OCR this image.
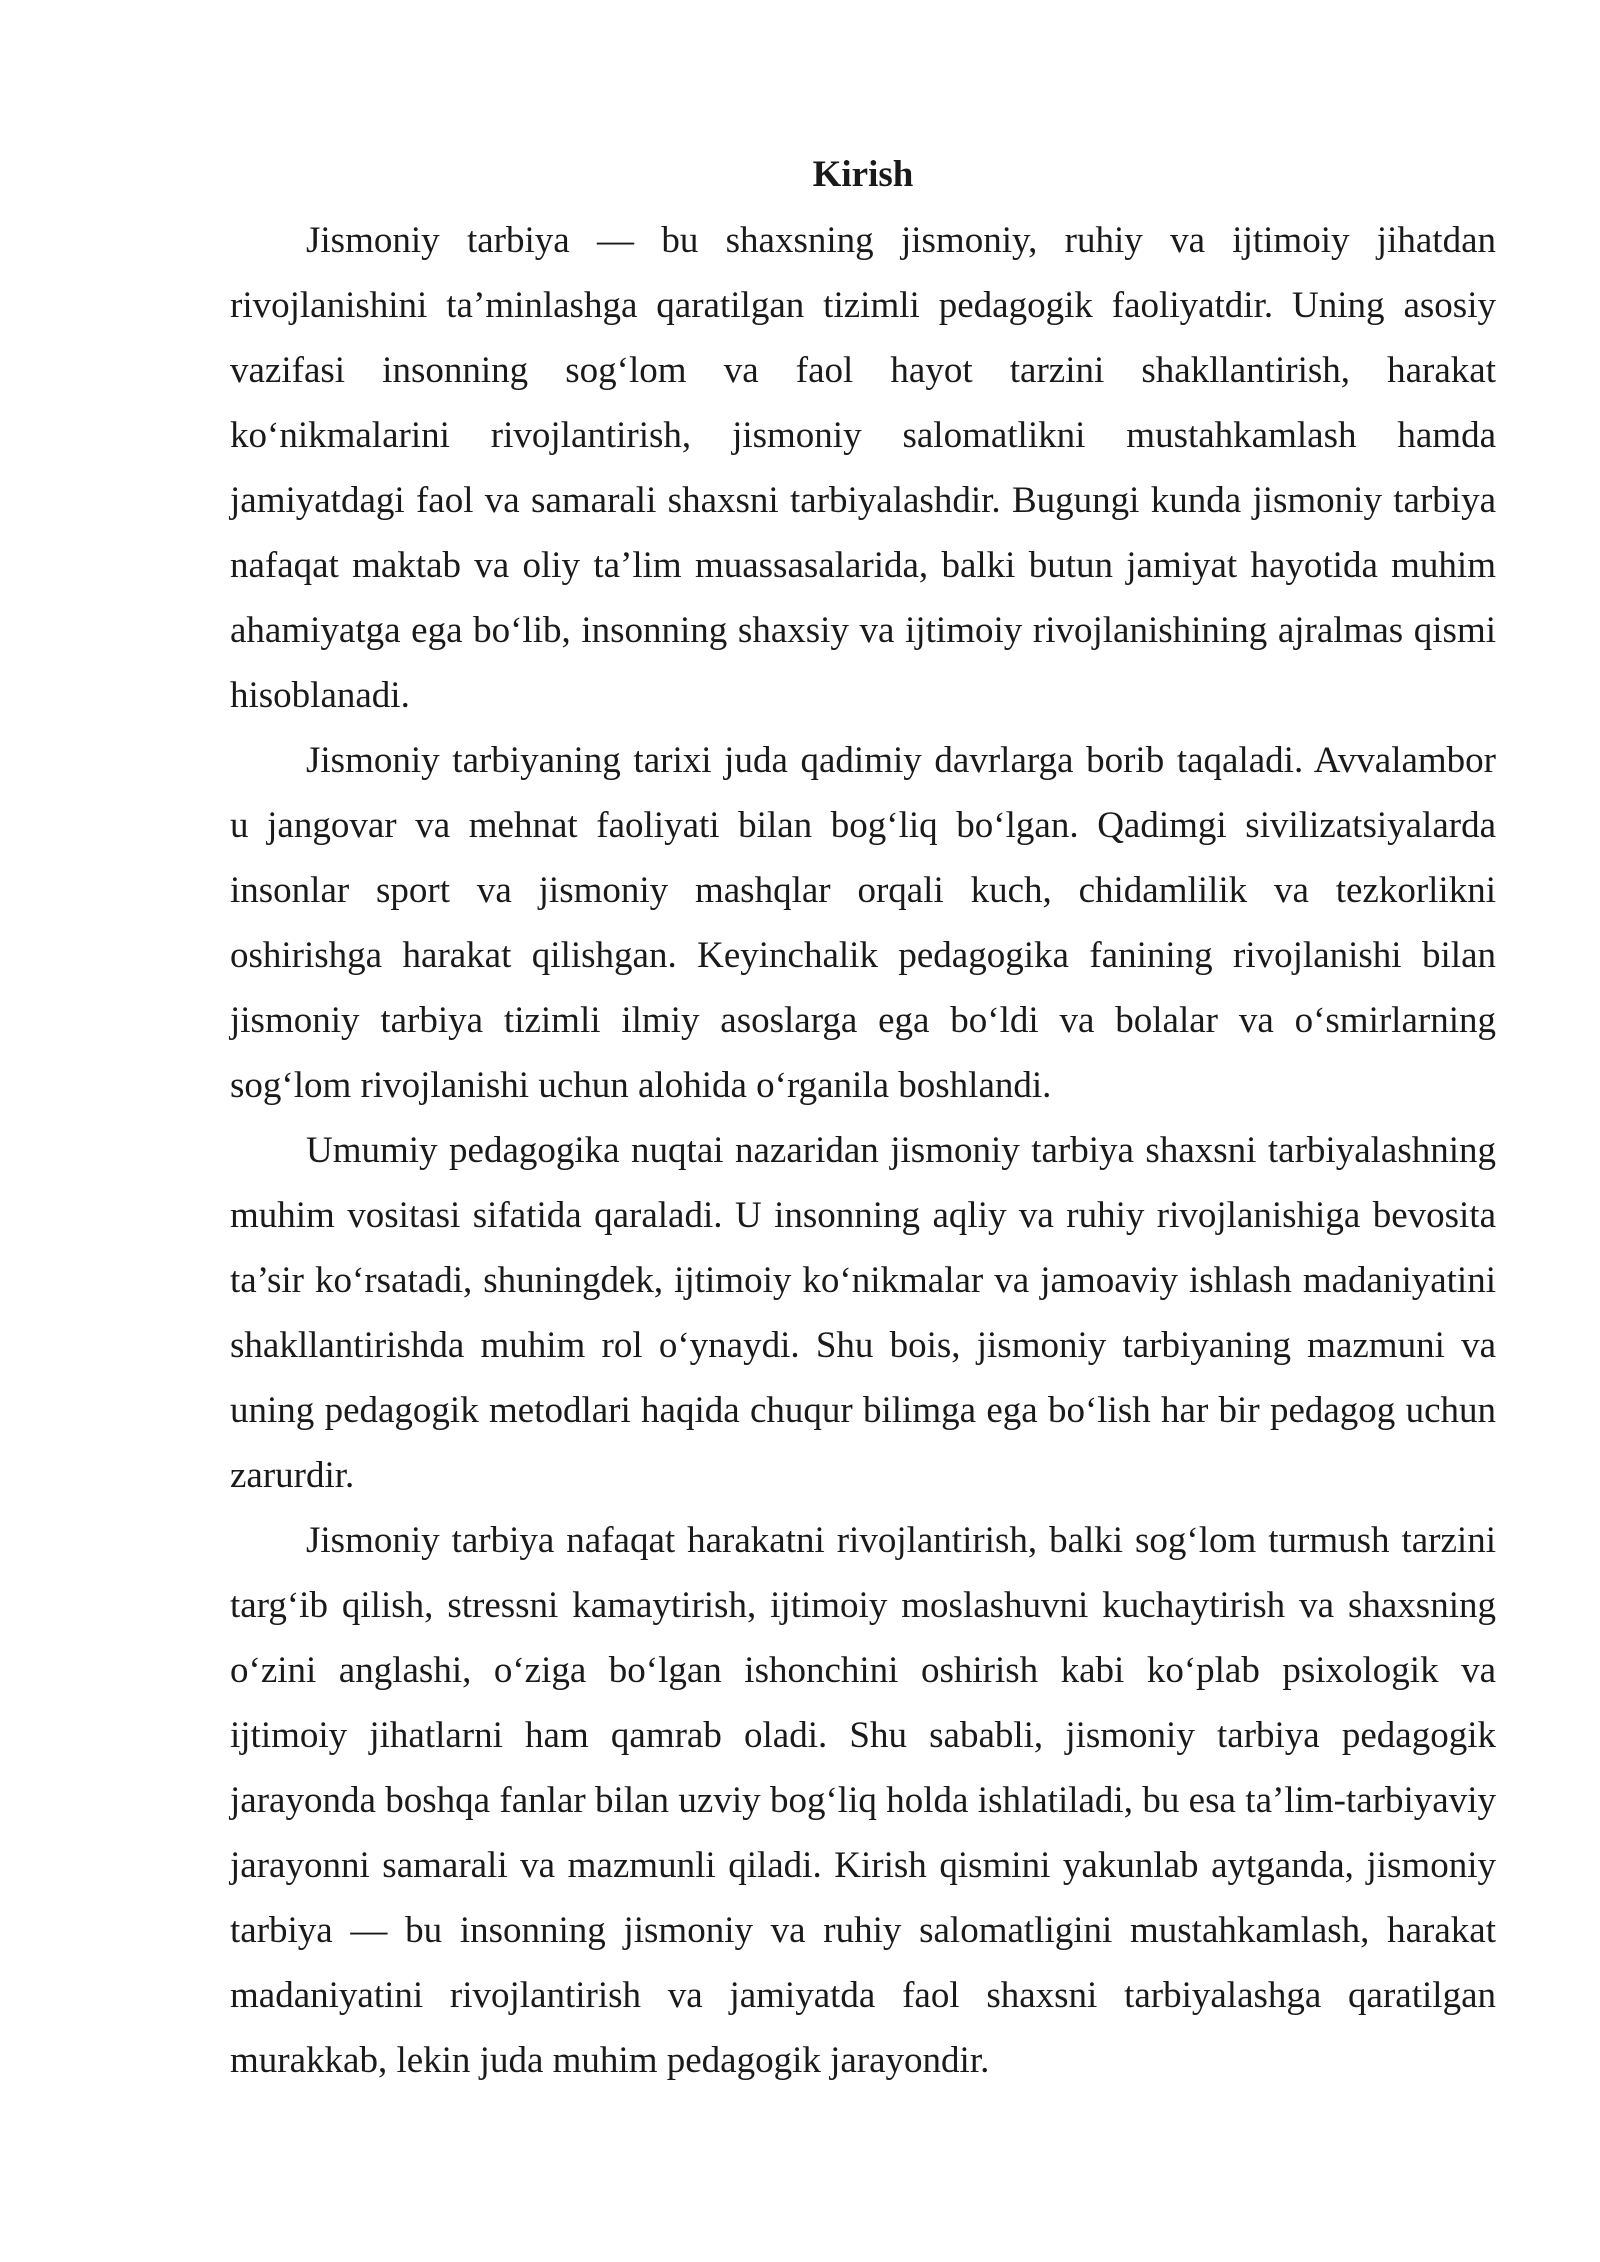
Kirish

Jismoniy tarbiya — bu shaxsning jismoniy, ruhiy va ijtimoiy jihatdan rivojlanishini ta’minlashga qaratilgan tizimli pedagogik faoliyatdir. Uning asosiy vazifasi insonning sog‘lom va faol hayot tarzini shakllantirish, harakat ko‘nikmalarini rivojlantirish, jismoniy salomatlikni mustahkamlash hamda jamiyatdagi faol va samarali shaxsni tarbiyalashdir. Bugungi kunda jismoniy tarbiya nafaqat maktab va oliy ta’lim muassasalarida, balki butun jamiyat hayotida muhim ahamiyatga ega bo‘lib, insonning shaxsiy va ijtimoiy rivojlanishining ajralmas qismi hisoblanadi.

Jismoniy tarbiyaning tarixi juda qadimiy davrlarga borib taqaladi. Avvalambor u jangovar va mehnat faoliyati bilan bog‘liq bo‘lgan. Qadimgi sivilizatsiyalarda insonlar sport va jismoniy mashqlar orqali kuch, chidamlilik va tezkorlikni oshirishga harakat qilishgan. Keyinchalik pedagogika fanining rivojlanishi bilan jismoniy tarbiya tizimli ilmiy asoslarga ega bo‘ldi va bolalar va o‘smirlarning sog‘lom rivojlanishi uchun alohida o‘rganila boshlandi.

Umumiy pedagogika nuqtai nazaridan jismoniy tarbiya shaxsni tarbiyalashning muhim vositasi sifatida qaraladi. U insonning aqliy va ruhiy rivojlanishiga bevosita ta’sir ko‘rsatadi, shuningdek, ijtimoiy ko‘nikmalar va jamoaviy ishlash madaniyatini shakllantirishda muhim rol o‘ynaydi. Shu bois, jismoniy tarbiyaning mazmuni va uning pedagogik metodlari haqida chuqur bilimga ega bo‘lish har bir pedagog uchun zarurdir.

Jismoniy tarbiya nafaqat harakatni rivojlantirish, balki sog‘lom turmush tarzini targ‘ib qilish, stressni kamaytirish, ijtimoiy moslashuvni kuchaytirish va shaxsning o‘zini anglashi, o‘ziga bo‘lgan ishonchini oshirish kabi ko‘plab psixologik va ijtimoiy jihatlarni ham qamrab oladi. Shu sababli, jismoniy tarbiya pedagogik jarayonda boshqa fanlar bilan uzviy bog‘liq holda ishlatiladi, bu esa ta’lim-tarbiyaviy jarayonni samarali va mazmunli qiladi. Kirish qismini yakunlab aytganda, jismoniy tarbiya — bu insonning jismoniy va ruhiy salomatligini mustahkamlash, harakat madaniyatini rivojlantirish va jamiyatda faol shaxsni tarbiyalashga qaratilgan murakkab, lekin juda muhim pedagogik jarayondir.
